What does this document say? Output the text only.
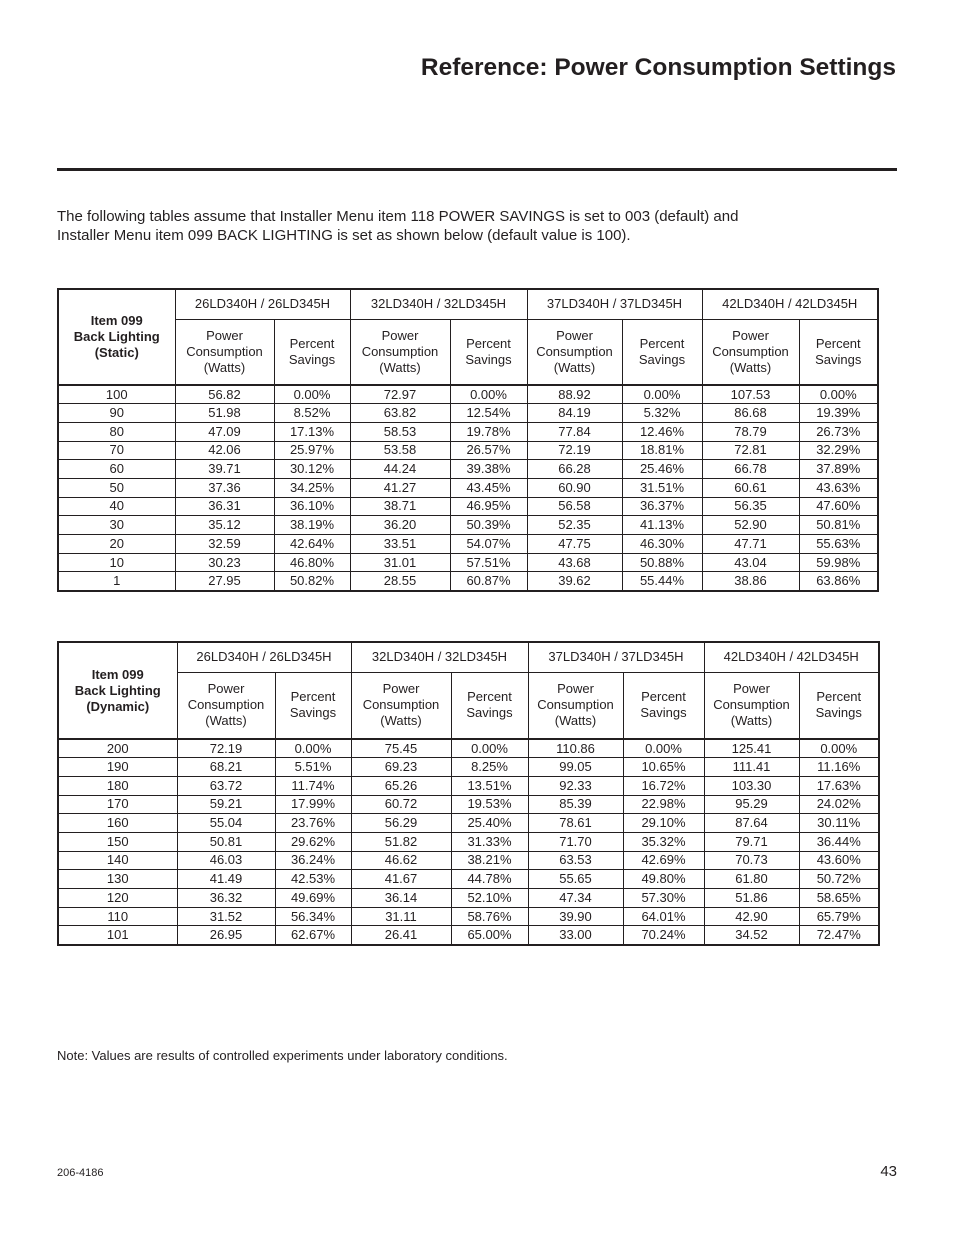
Reference: Power Consumption Settings
The following tables assume that Installer Menu item 118 POWER SAVINGS is set to 003 (default) and
Installer Menu item 099 BACK LIGHTING is set as shown below (default value is 100).
Item 099
Back Lighting
(Static)	26LD340H / 26LD345H		32LD340H / 32LD345H		37LD340H / 37LD345H		42LD340H / 42LD345H	

	Power
Consumption
(Watts)	Percent
Savings	Power
Consumption
(Watts)	Percent
Savings	Power
Consumption
(Watts)	Percent
Savings	Power
Consumption
(Watts)	Percent
Savings

100	56.82	0.00%	72.97	0.00%	88.92	0.00%	107.53	0.00%
90	51.98	8.52%	63.82	12.54%	84.19	5.32%	86.68	19.39%
80	47.09	17.13%	58.53	19.78%	77.84	12.46%	78.79	26.73%
70	42.06	25.97%	53.58	26.57%	72.19	18.81%	72.81	32.29%
60	39.71	30.12%	44.24	39.38%	66.28	25.46%	66.78	37.89%
50	37.36	34.25%	41.27	43.45%	60.90	31.51%	60.61	43.63%
40	36.31	36.10%	38.71	46.95%	56.58	36.37%	56.35	47.60%
30	35.12	38.19%	36.20	50.39%	52.35	41.13%	52.90	50.81%
20	32.59	42.64%	33.51	54.07%	47.75	46.30%	47.71	55.63%
10	30.23	46.80%	31.01	57.51%	43.68	50.88%	43.04	59.98%
1	27.95	50.82%	28.55	60.87%	39.62	55.44%	38.86	63.86%
Item 099
Back Lighting
(Dynamic)	26LD340H / 26LD345H		32LD340H / 32LD345H		37LD340H / 37LD345H		42LD340H / 42LD345H	

	Power
Consumption
(Watts)	Percent
Savings	Power
Consumption
(Watts)	Percent
Savings	Power
Consumption
(Watts)	Percent
Savings	Power
Consumption
(Watts)	Percent
Savings

200	72.19	0.00%	75.45	0.00%	110.86	0.00%	125.41	0.00%
190	68.21	5.51%	69.23	8.25%	99.05	10.65%	111.41	11.16%
180	63.72	11.74%	65.26	13.51%	92.33	16.72%	103.30	17.63%
170	59.21	17.99%	60.72	19.53%	85.39	22.98%	95.29	24.02%
160	55.04	23.76%	56.29	25.40%	78.61	29.10%	87.64	30.11%
150	50.81	29.62%	51.82	31.33%	71.70	35.32%	79.71	36.44%
140	46.03	36.24%	46.62	38.21%	63.53	42.69%	70.73	43.60%
130	41.49	42.53%	41.67	44.78%	55.65	49.80%	61.80	50.72%
120	36.32	49.69%	36.14	52.10%	47.34	57.30%	51.86	58.65%
110	31.52	56.34%	31.11	58.76%	39.90	64.01%	42.90	65.79%
101	26.95	62.67%	26.41	65.00%	33.00	70.24%	34.52	72.47%
Note: Values are results of controlled experiments under laboratory conditions.
206-4186	43
